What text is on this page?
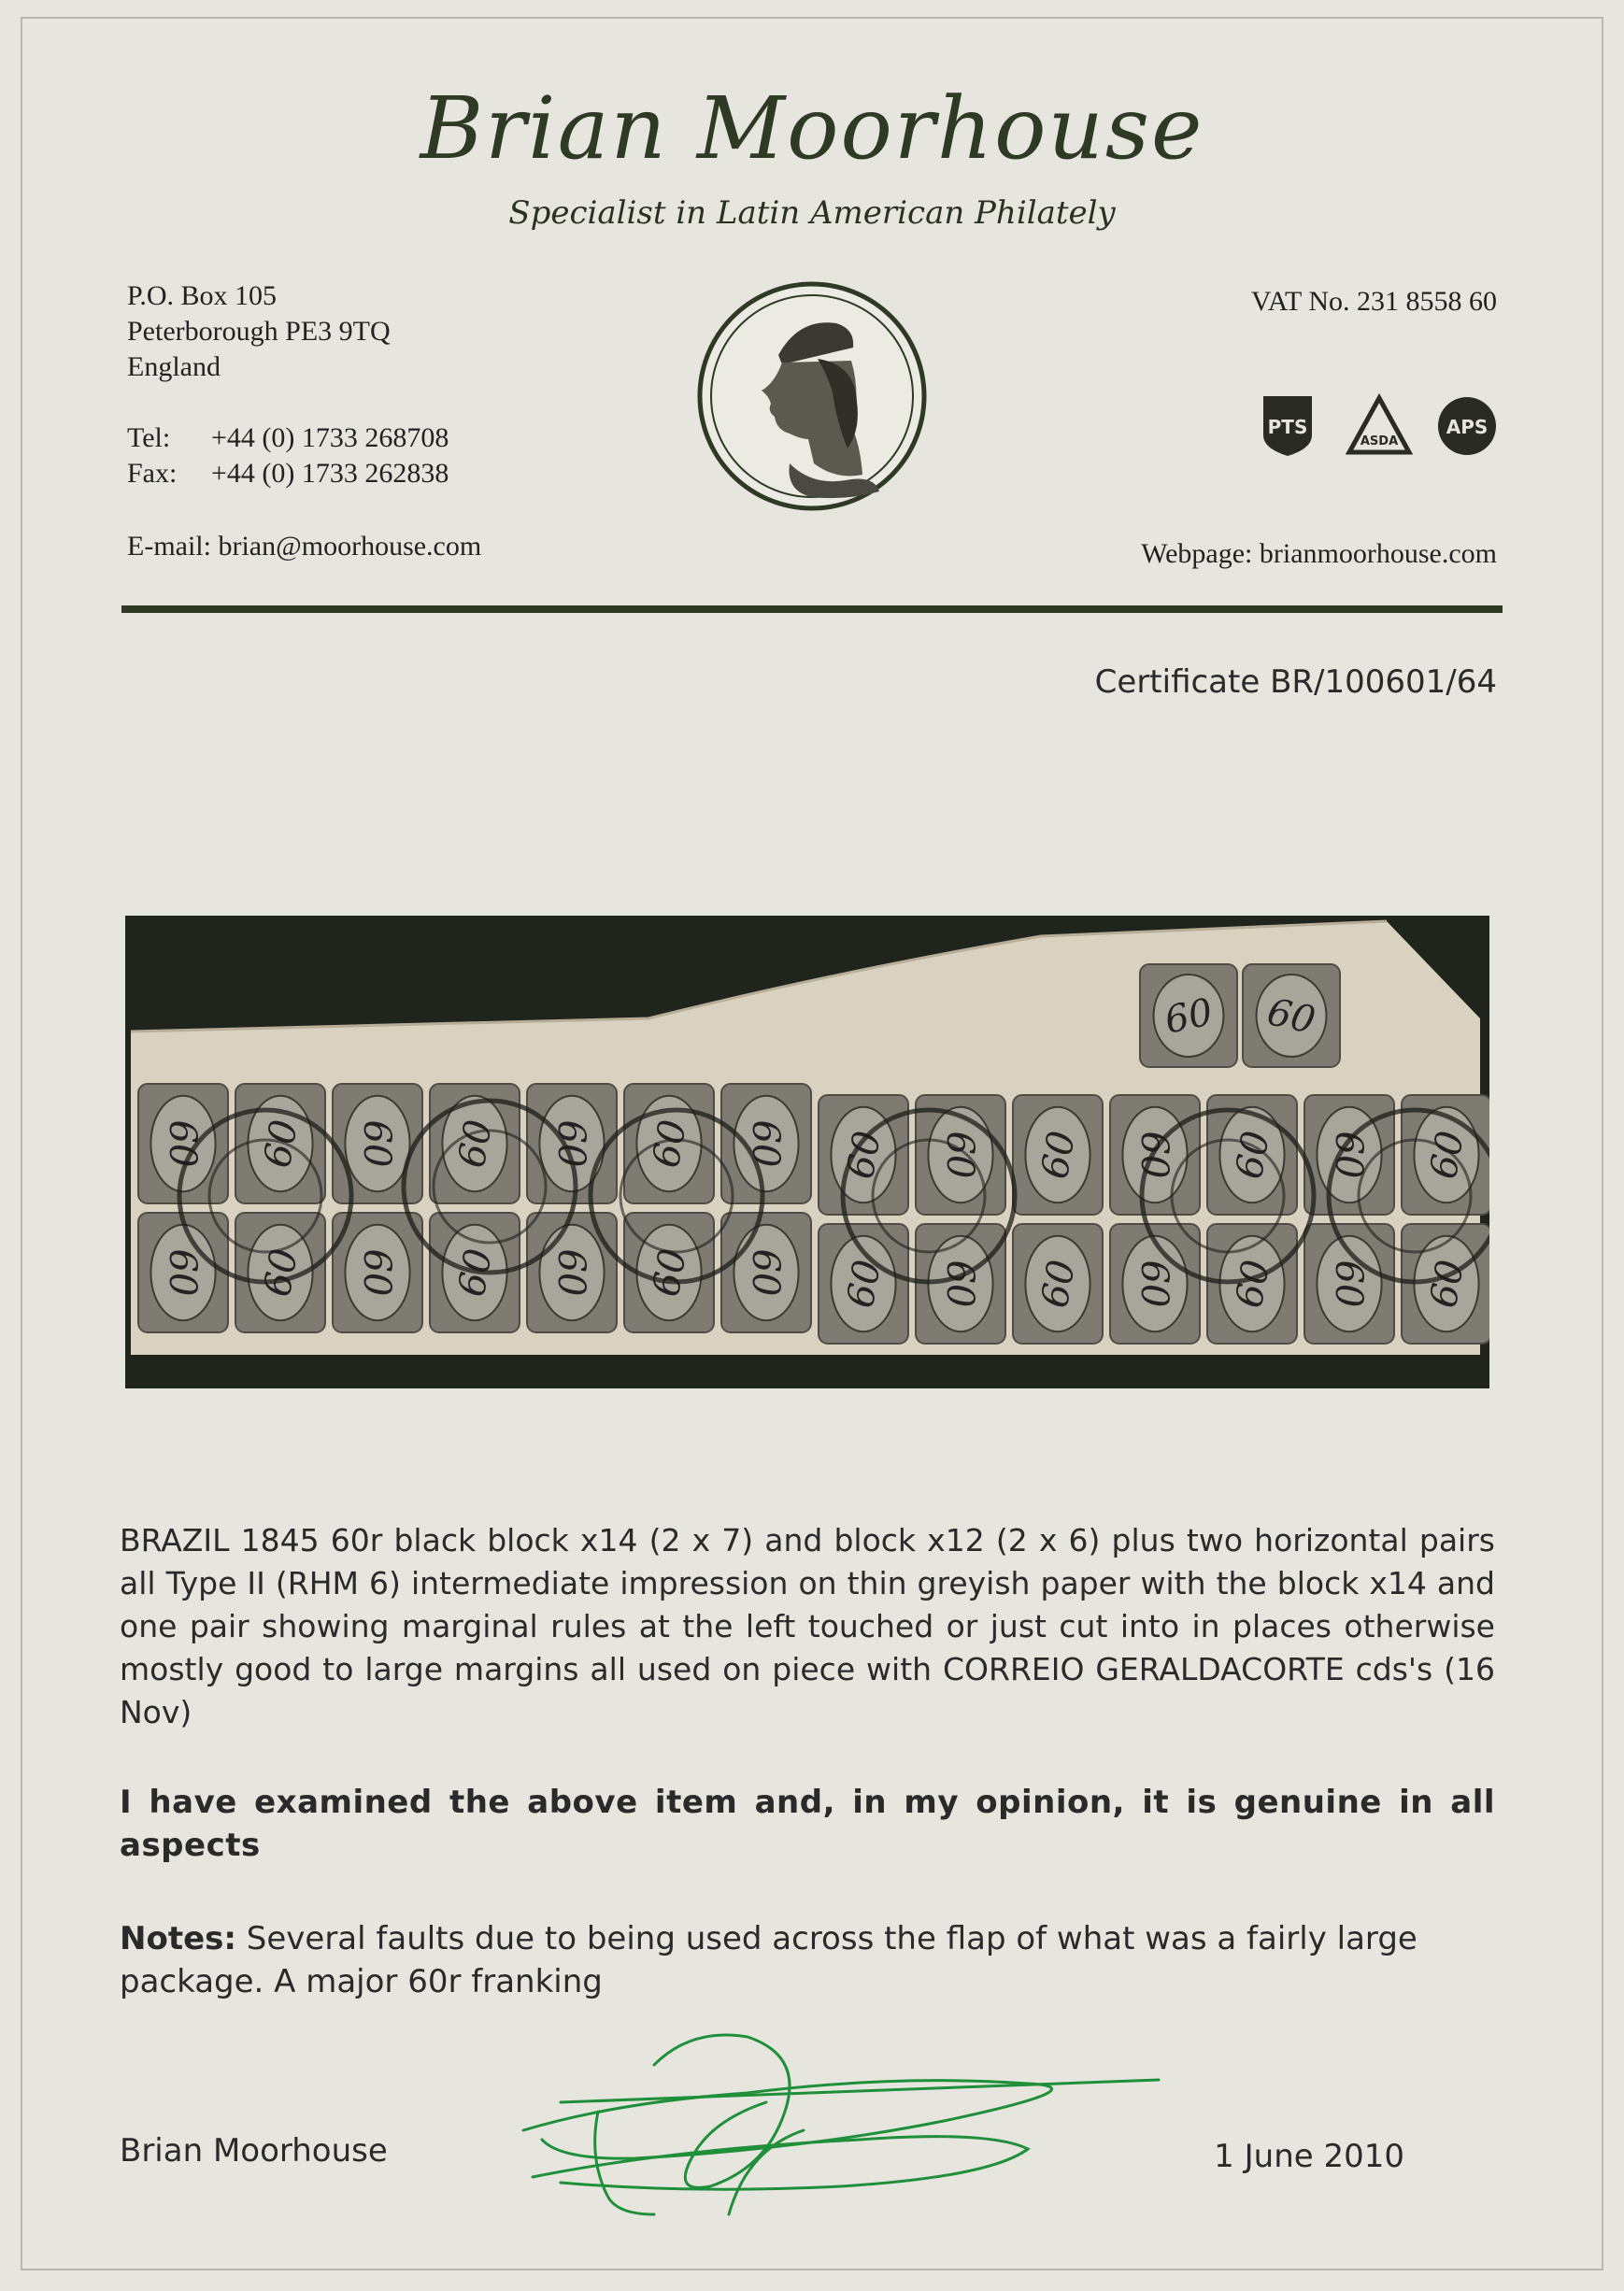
Brian Moorhouse
Specialist in Latin American Philately
P.O. Box 105
Peterborough PE3 9TQ
England
Tel: +44 (0) 1733 268708
Fax: +44 (0) 1733 262838
E-mail: brian@moorhouse.com
VAT No. 231 8558 60
Webpage: brianmoorhouse.com
PTS
ASDA
APS
Certificate BR/100601/64
60
60
60
60
60
60
60
60
60
60
60
60
60
60
60
60
60
60
60
60
60
60
60
60
60
60
60
60
60 60
BRAZIL 1845 60r black block x14 (2 x 7) and block x12 (2 x 6) plus two horizontal pairs all Type II (RHM 6) intermediate impression on thin greyish paper with the block x14 and one pair showing marginal rules at the left touched or just cut into in places otherwise mostly good to large margins all used on piece with CORREIO GERALDACORTE cds's (16 Nov)
I have examined the above item and, in my opinion, it is genuine in all aspects
Notes: Several faults due to being used across the flap of what was a fairly large package. A major 60r franking
Brian Moorhouse	1 June 2010
